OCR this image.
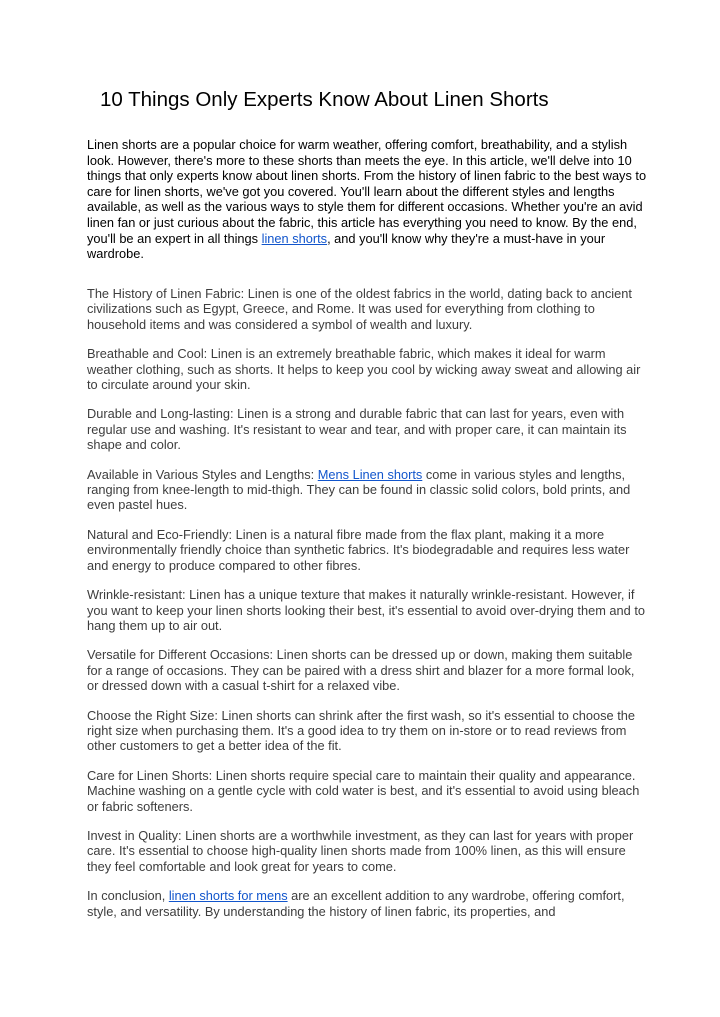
10 Things Only Experts Know About Linen Shorts

Linen shorts are a popular choice for warm weather, offering comfort, breathability, and a stylish look. However, there's more to these shorts than meets the eye. In this article, we'll delve into 10 things that only experts know about linen shorts. From the history of linen fabric to the best ways to care for linen shorts, we've got you covered. You'll learn about the different styles and lengths available, as well as the various ways to style them for different occasions. Whether you're an avid linen fan or just curious about the fabric, this article has everything you need to know. By the end, you'll be an expert in all things linen shorts, and you'll know why they're a must-have in your wardrobe.

The History of Linen Fabric: Linen is one of the oldest fabrics in the world, dating back to ancient civilizations such as Egypt, Greece, and Rome. It was used for everything from clothing to household items and was considered a symbol of wealth and luxury.

Breathable and Cool: Linen is an extremely breathable fabric, which makes it ideal for warm weather clothing, such as shorts. It helps to keep you cool by wicking away sweat and allowing air to circulate around your skin.

Durable and Long-lasting: Linen is a strong and durable fabric that can last for years, even with regular use and washing. It's resistant to wear and tear, and with proper care, it can maintain its shape and color.

Available in Various Styles and Lengths: Mens Linen shorts come in various styles and lengths, ranging from knee-length to mid-thigh. They can be found in classic solid colors, bold prints, and even pastel hues.

Natural and Eco-Friendly: Linen is a natural fibre made from the flax plant, making it a more environmentally friendly choice than synthetic fabrics. It's biodegradable and requires less water and energy to produce compared to other fibres.

Wrinkle-resistant: Linen has a unique texture that makes it naturally wrinkle-resistant. However, if you want to keep your linen shorts looking their best, it's essential to avoid over-drying them and to hang them up to air out.

Versatile for Different Occasions: Linen shorts can be dressed up or down, making them suitable for a range of occasions. They can be paired with a dress shirt and blazer for a more formal look, or dressed down with a casual t-shirt for a relaxed vibe.

Choose the Right Size: Linen shorts can shrink after the first wash, so it's essential to choose the right size when purchasing them. It's a good idea to try them on in-store or to read reviews from other customers to get a better idea of the fit.

Care for Linen Shorts: Linen shorts require special care to maintain their quality and appearance. Machine washing on a gentle cycle with cold water is best, and it's essential to avoid using bleach or fabric softeners.

Invest in Quality: Linen shorts are a worthwhile investment, as they can last for years with proper care. It's essential to choose high-quality linen shorts made from 100% linen, as this will ensure they feel comfortable and look great for years to come.

In conclusion, linen shorts for mens are an excellent addition to any wardrobe, offering comfort, style, and versatility. By understanding the history of linen fabric, its properties, and
